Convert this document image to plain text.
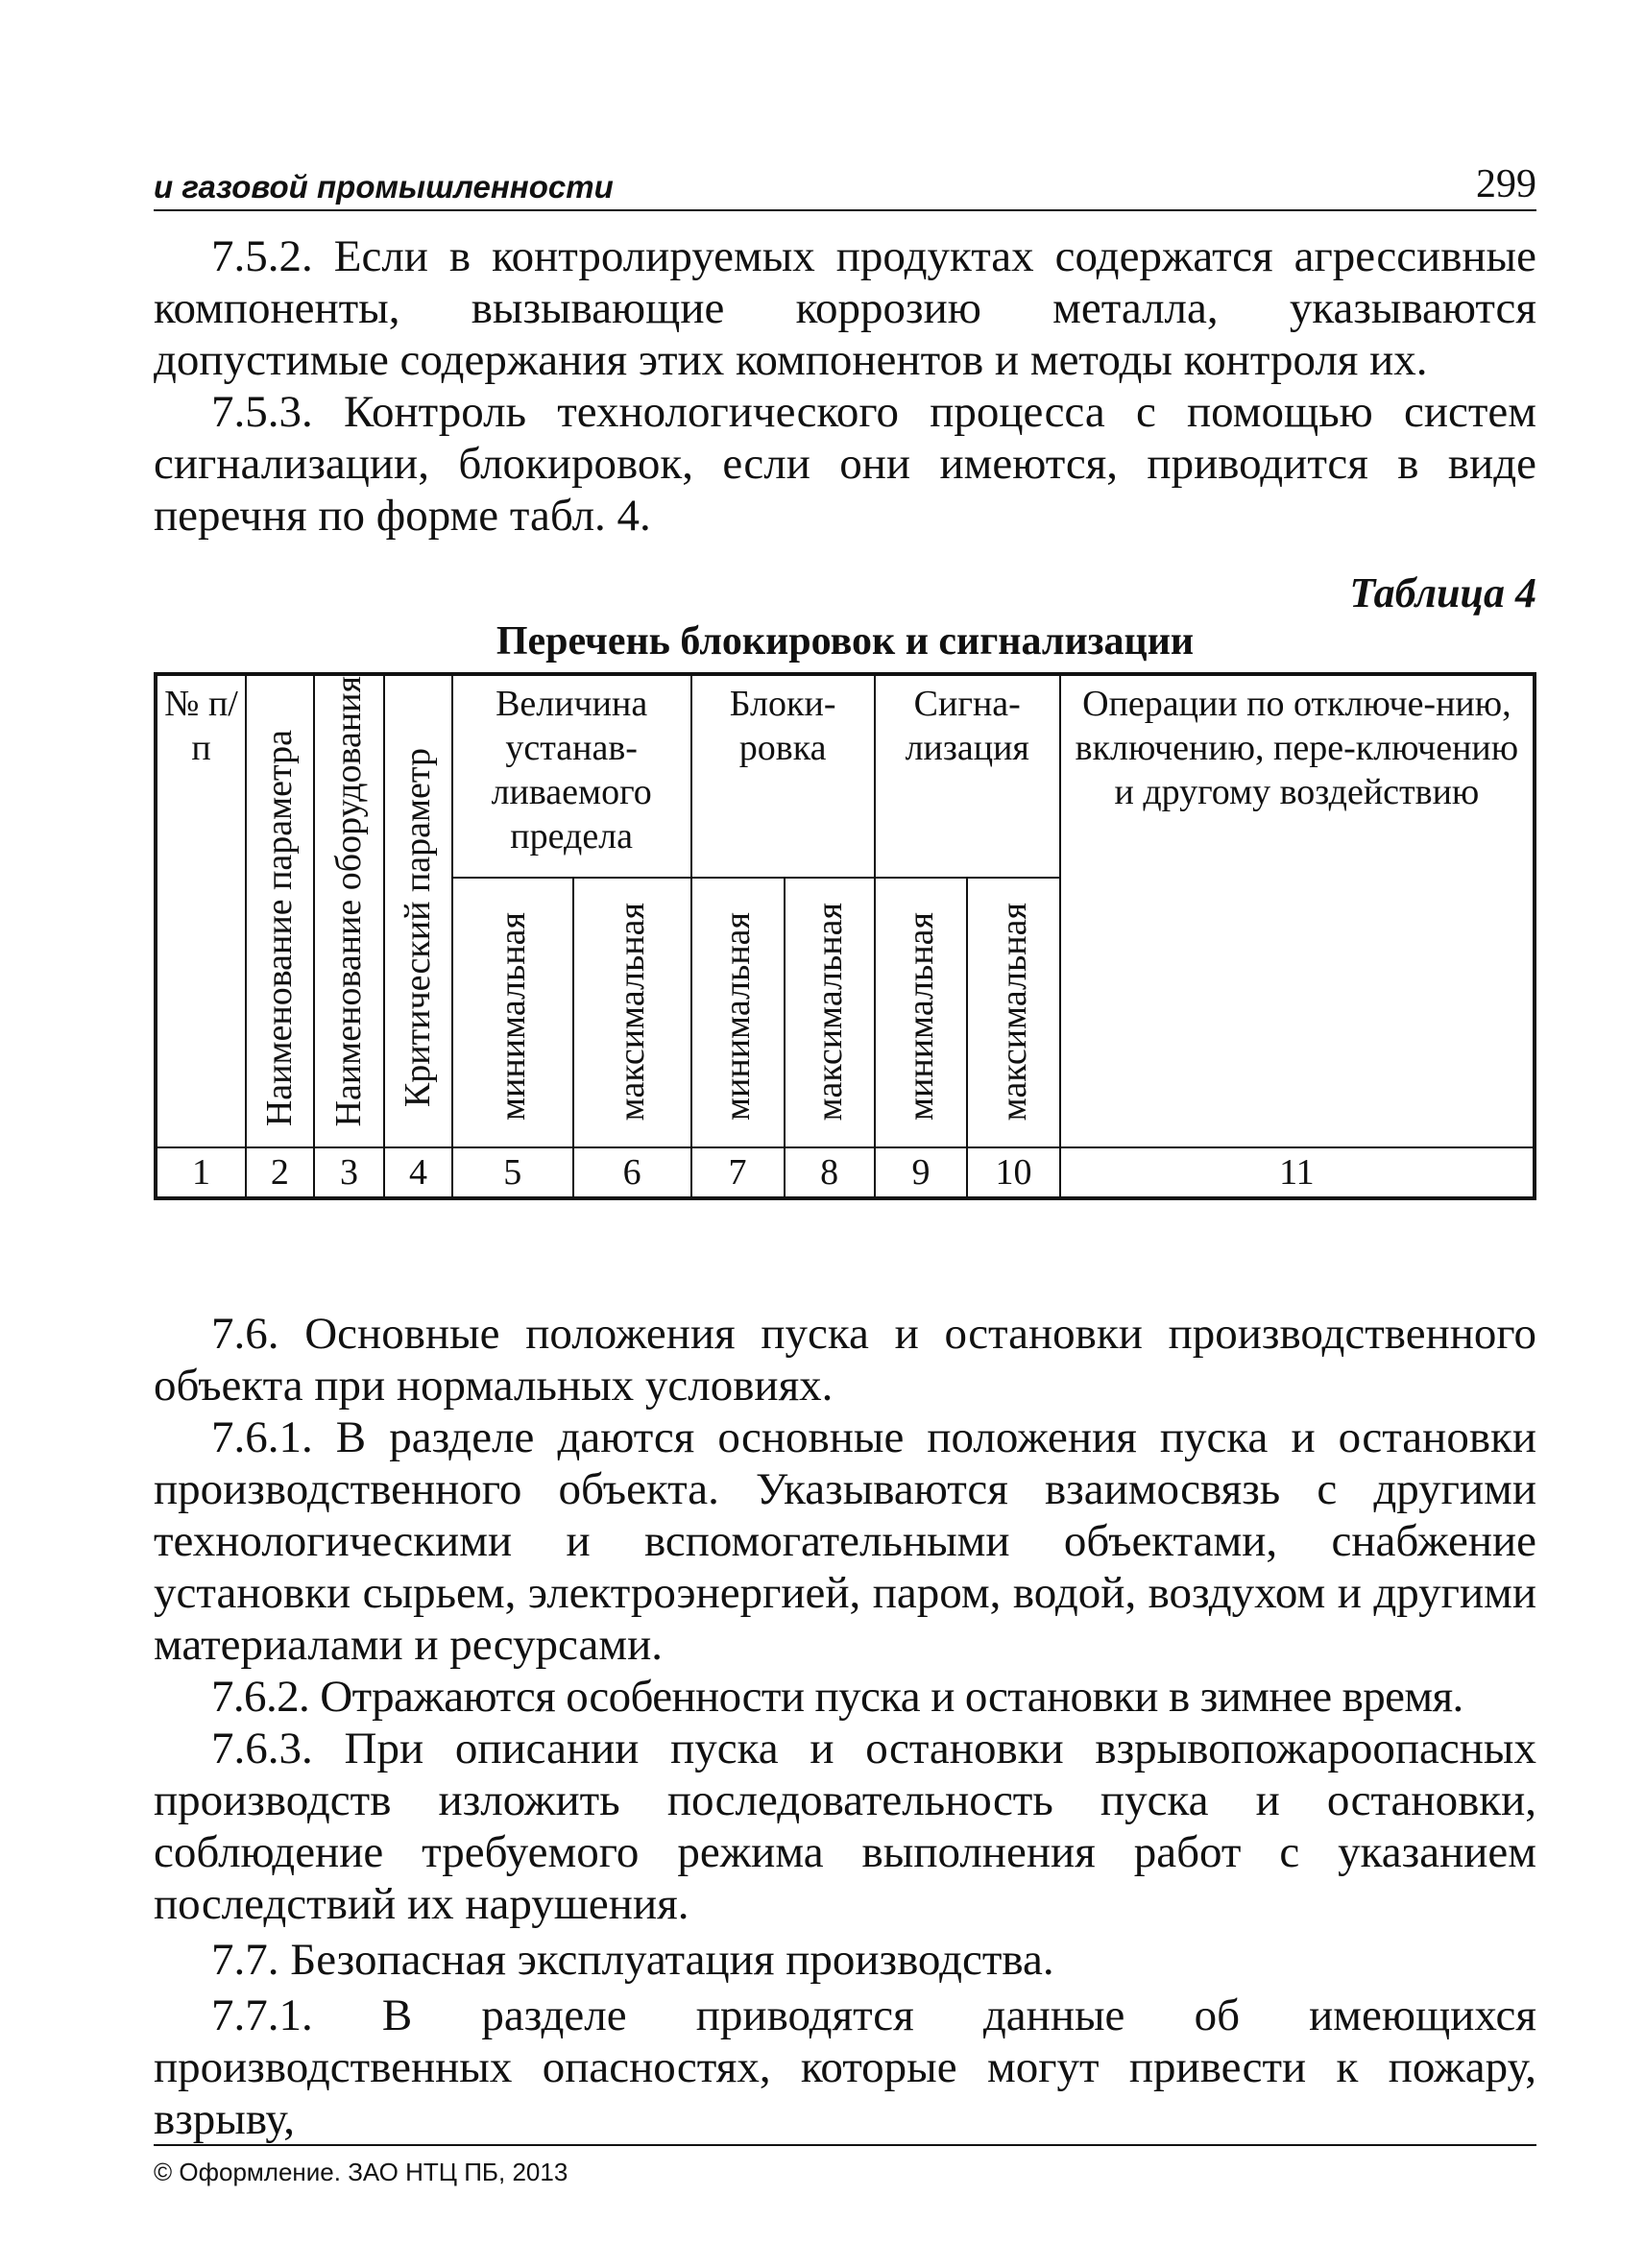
и газовой промышленности	299

7.5.2. Если в контролируемых продуктах содержатся агрессивные компоненты, вызывающие коррозию металла, указываются допустимые содержания этих компонентов и методы контроля их.

7.5.3. Контроль технологического процесса с помощью систем сигнализации, блокировок, если они имеются, приводится в виде перечня по форме табл. 4.

Таблица 4
Перечень блокировок и сигнализации
№ п/п	Наименование параметра	Наименование оборудования	Критический параметр	Величина устанав-ливаемого предела		Блоки-ровка		Сигна-лизация		Операции по отключе-нию, включению, пере-ключению и другому воздействию
				минимальная	максимальная	минимальная	максимальная	минимальная	максимальная	
1	2	3	4	5	6	7	8	9	10	11

7.6. Основные положения пуска и остановки производственного объекта при нормальных условиях.

7.6.1. В разделе даются основные положения пуска и остановки производственного объекта. Указываются взаимосвязь с другими технологическими и вспомогательными объектами, снабжение установки сырьем, электроэнергией, паром, водой, воздухом и другими материалами и ресурсами.

7.6.2. Отражаются особенности пуска и остановки в зимнее время.

7.6.3. При описании пуска и остановки взрывопожароопасных производств изложить последовательность пуска и остановки, соблюдение требуемого режима выполнения работ с указанием последствий их нарушения.

7.7. Безопасная эксплуатация производства.

7.7.1. В разделе приводятся данные об имеющихся производственных опасностях, которые могут привести к пожару, взрыву,

© Оформление. ЗАО НТЦ ПБ, 2013
